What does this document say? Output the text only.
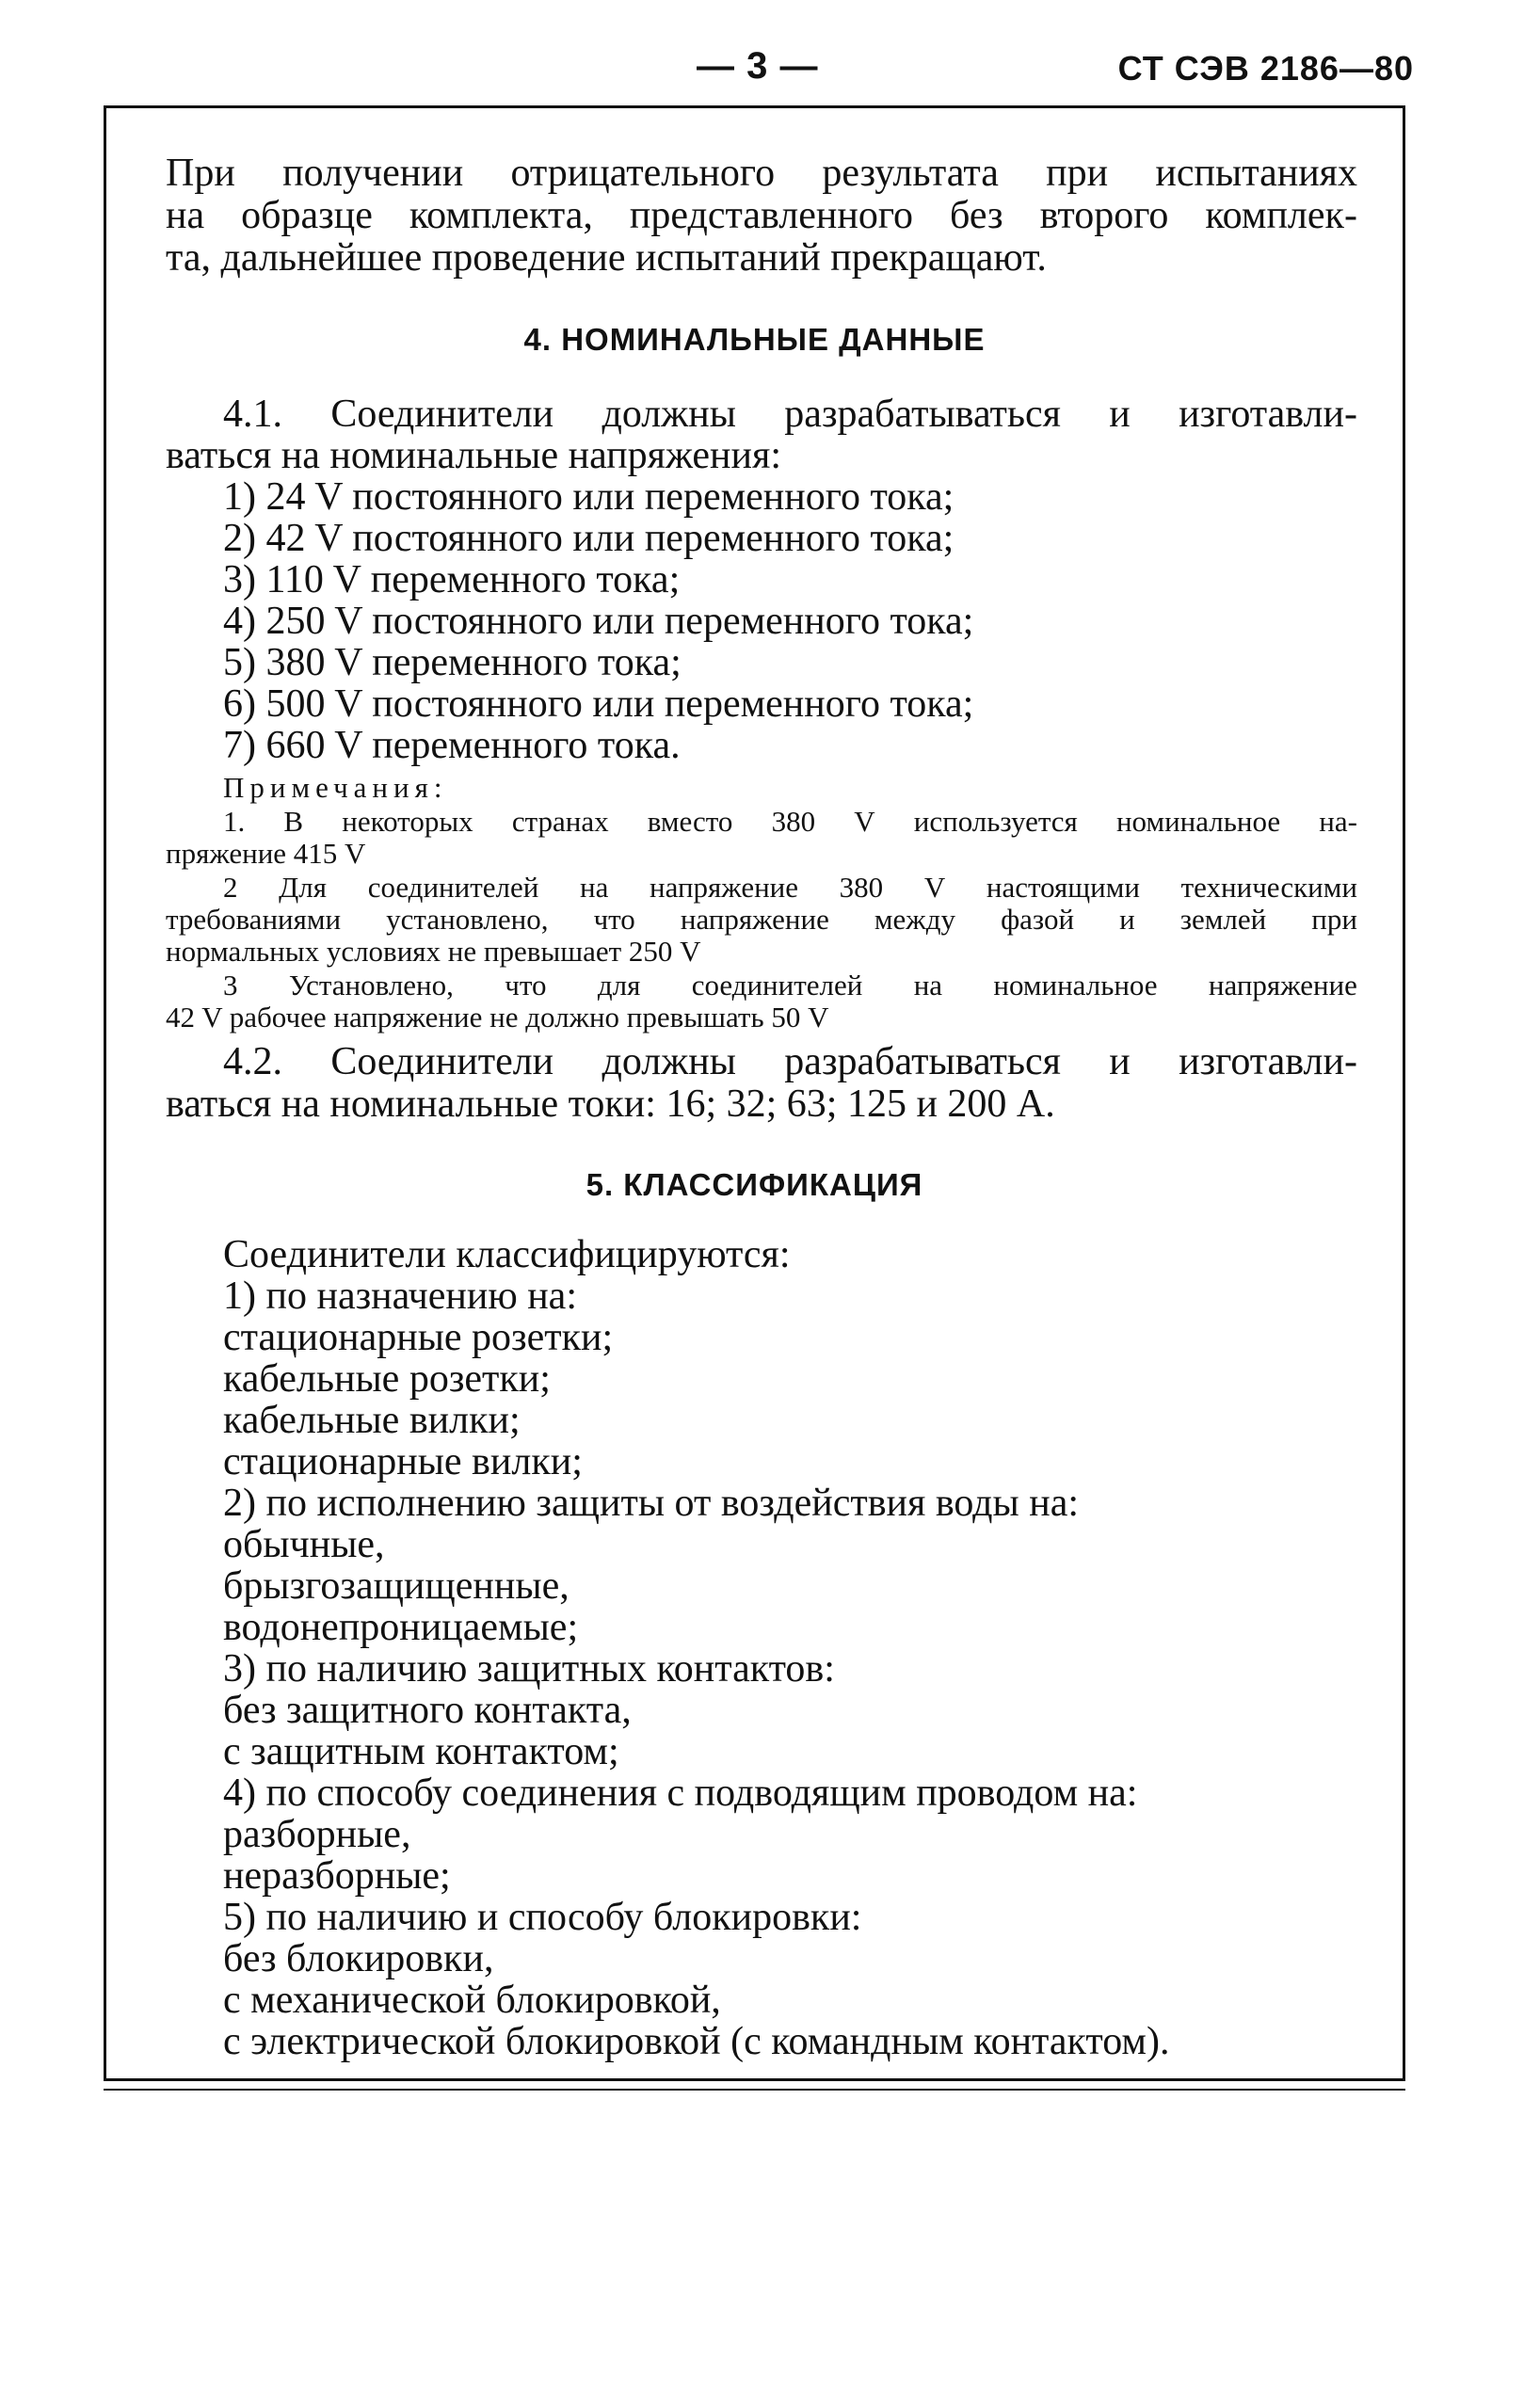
— 3 —	СТ СЭВ 2186—80
При получении отрицательного результата при испытаниях
на образце комплекта, представленного без второго комплек-
та, дальнейшее проведение испытаний прекращают.
4. НОМИНАЛЬНЫЕ ДАННЫЕ
4.1. Соединители должны разрабатываться и изготавли-
ваться на номинальные напряжения:
1) 24 V постоянного или переменного тока;
2) 42 V постоянного или переменного тока;
3) 110 V переменного тока;
4) 250 V постоянного или переменного тока;
5) 380 V переменного тока;
6) 500 V постоянного или переменного тока;
7) 660 V переменного тока.
Примечания:
1. В некоторых странах вместо 380 V используется номинальное на-
пряжение 415 V
2 Для соединителей на напряжение 380 V настоящими техническими
требованиями установлено, что напряжение между фазой и землей при
нормальных условиях не превышает 250 V
3 Установлено, что для соединителей на номинальное напряжение
42 V рабочее напряжение не должно превышать 50 V
4.2. Соединители должны разрабатываться и изготавли-
ваться на номинальные токи: 16; 32; 63; 125 и 200 А.
5. КЛАССИФИКАЦИЯ
Соединители классифицируются:
1) по назначению на:
стационарные розетки;
кабельные розетки;
кабельные вилки;
стационарные вилки;
2) по исполнению защиты от воздействия воды на:
обычные,
брызгозащищенные,
водонепроницаемые;
3) по наличию защитных контактов:
без защитного контакта,
с защитным контактом;
4) по способу соединения с подводящим проводом на:
разборные,
неразборные;
5) по наличию и способу блокировки:
без блокировки,
с механической блокировкой,
с электрической блокировкой (с командным контактом).
